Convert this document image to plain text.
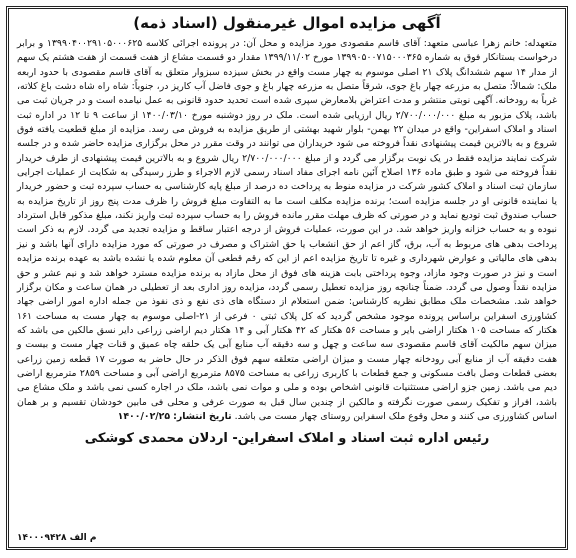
آگهی مزایده اموال غیرمنقول (اسناد ذمه)

متعهدله: خانم زهرا عباسی متعهد: آقای قاسم مقصودی مورد مزایده و محل آن: در پرونده اجرائی کلاسه ۱۳۹۹۰۴۰۰۲۹۱۰۵۰۰۰۶۲۵ و برابر درخواست بستانکار فوق به شماره ۱۳۹۹۰۵۰۰۷۱۵۰۰۰۳۶۵ مورخ ۱۳۹۹/۱۱/۰۲ مقدار دو قسمت مشاع از هفت قسمت از هفت هشتم یک سهم از مدار ۱۴ سهم ششدانگ پلاک ۲۱ اصلی موسوم به چهار مست واقع در بخش سیزده سبزوار متعلق به آقای قاسم مقصودی با حدود اربعه ملک: شمالاً: متصل به مزرعه چهار باغ جوی، شرقاً متصل به مزرعه چهار باغ و جوی فاضل آب کاریز در، جنوباً: شاه راه شاه دشت باغ کلاته، غرباً به رودخانه. آگهی نوبتی منتشر و مدت اعتراض بلامعارض سپری شده است تحدید حدود قانونی به عمل نیامده است و در جریان ثبت می باشد، پلاک مزبور به مبلغ ۲/۷۰۰/۰۰۰/۰۰۰ ریال ارزیابی شده است. ملک در روز دوشنبه مورخ ۱۴۰۰/۰۳/۱۰ از ساعت ۹ تا ۱۲ در اداره ثبت اسناد و املاک اسفراین- واقع در میدان ۲۲ بهمن- بلوار شهید بهشتی از طریق مزایده به فروش می رسد. مزایده از مبلغ قطعیت یافته فوق شروع و به بالاترین قیمت پیشنهادی نقداً فروخته می شود خریداران می توانند در وقت مقرر در محل برگزاری مزایده حاضر شده و در جلسه شرکت نمایند مزایده فقط در یک نوبت برگزار می گردد و از مبلغ ۲/۷۰۰/۰۰۰/۰۰۰ ریال شروع و به بالاترین قیمت پیشنهادی از طرف خریدار نقداً فروخته می شود و طبق ماده ۱۳۶ اصلاح آئین نامه اجرای مفاد اسناد رسمی لازم الاجراء و طرز رسیدگی به شکایت از عملیات اجرایی سازمان ثبت اسناد و املاک کشور شرکت در مزایده منوط به پرداخت ده درصد از مبلغ پایه کارشناسی به حساب سپرده ثبت و حضور خریدار یا نماینده قانونی او در جلسه مزایده است؛ برنده مزایده مکلف است ما به التفاوت مبلغ فروش را ظرف مدت پنج روز از تاریخ مزایده به حساب صندوق ثبت تودیع نماید و در صورتی که ظرف مهلت مقرر مانده فروش را به حساب سپرده ثبت واریز نکند، مبلغ مذکور قابل استرداد نبوده و به حساب خزانه واریز خواهد شد. در این صورت، عملیات فروش از درجه اعتبار ساقط و مزایده تجدید می گردد. لازم به ذکر است پرداخت بدهی های مربوط به آب، برق، گاز اعم از حق انشعاب یا حق اشتراک و مصرف در صورتی که مورد مزایده دارای آنها باشد و نیز بدهی های مالیاتی و عوارض شهرداری و غیره تا تاریخ مزایده اعم از این که رقم قطعی آن معلوم شده یا نشده باشد به عهده برنده مزایده است و نیز در صورت وجود مازاد، وجوه پرداختی بابت هزینه های فوق از محل مازاد به برنده مزایده مسترد خواهد شد و نیم عشر و حق مزایده نقداً وصول می گردد. ضمناً چنانچه روز مزایده تعطیل رسمی گردد، مزایده روز اداری بعد از تعطیلی در همان ساعت و مکان برگزار خواهد شد. مشخصات ملک مطابق نظریه کارشناس: ضمن استعلام از دستگاه های ذی نفع و ذی نفوذ من جمله اداره امور اراضی جهاد کشاورزی اسفراین براساس پرونده موجود مشخص گردید که کل پلاک ثبتی ۰ فرعی از ۲۱-اصلی موسوم به چهار مست به مساحت ۱۶۱ هکتار که مساحت ۱۰۵ هکتار اراضی بایر و مساحت ۵۶ هکتار که ۴۲ هکتار آبی و ۱۴ هکتار دیم اراضی زراعی دایر نسق مالکین می باشد که میزان سهم مالکیت آقای قاسم مقصودی سه ساعت و چهل و سه دقیقه آب منابع آبی یک حلقه چاه عمیق و قنات چهار مست و بیست و هفت دقیقه آب از منابع آبی رودخانه چهار مست و میزان اراضی متعلقه سهم فوق الذکر در حال حاضر به صورت ۱۷ قطعه زمین زراعی بعضی قطعات وصل بافت مسکونی و جمع قطعات با کاربری زراعی به مساحت ۸۵۷۵ مترمربع اراضی آبی و مساحت ۲۸۵۹ مترمربع اراضی دیم می باشد. زمین جزو اراضی مستثنیات قانونی اشخاص بوده و ملی و موات نمی باشد، ملک در اجاره کسی نمی باشد و ملک مشاع می باشد، افراز و تفکیک رسمی صورت نگرفته و مالکین از چندین سال قبل به صورت عرفی و محلی فی مابین خودشان تقسیم و بر همان اساس کشاورزی می کنند و محل وقوع ملک اسفراین روستای چهار مست می باشد. تاریخ انتشار: ۱۴۰۰/۰۲/۲۵

رئیس اداره ثبت اسناد و املاک اسفراین- اردلان محمدی کوشکی
م الف ۱۴۰۰۰۹۴۲۸
